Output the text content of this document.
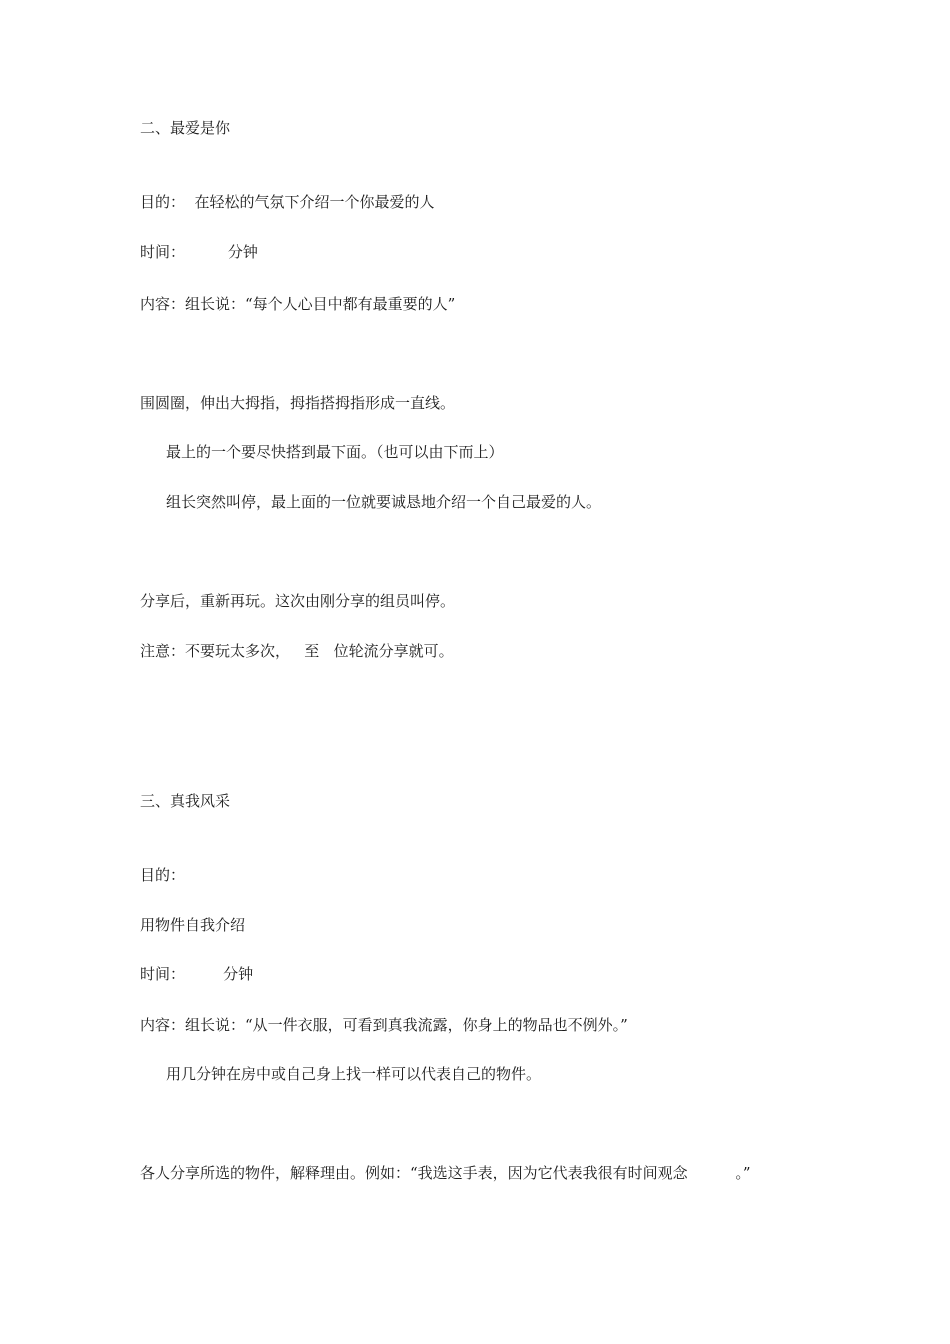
二、最爱是你
目的：  在轻松的气氛下介绍一个你最爱的人
时间：         分钟
内容：组长说：“每个人心目中都有最重要的人”
围圆圈，伸出大拇指，拇指搭拇指形成一直线。
最上的一个要尽快搭到最下面。（也可以由下而上）
组长突然叫停，最上面的一位就要诚恳地介绍一个自己最爱的人。
分享后，重新再玩。这次由刚分享的组员叫停。
注意：不要玩太多次，   至   位轮流分享就可。
三、真我风采
目的：
用物件自我介绍
时间：        分钟
内容：组长说：“从一件衣服，可看到真我流露，你身上的物品也不例外。”
用几分钟在房中或自己身上找一样可以代表自己的物件。
各人分享所选的物件，解释理由。例如：“我选这手表，因为它代表我很有时间观念          。”
